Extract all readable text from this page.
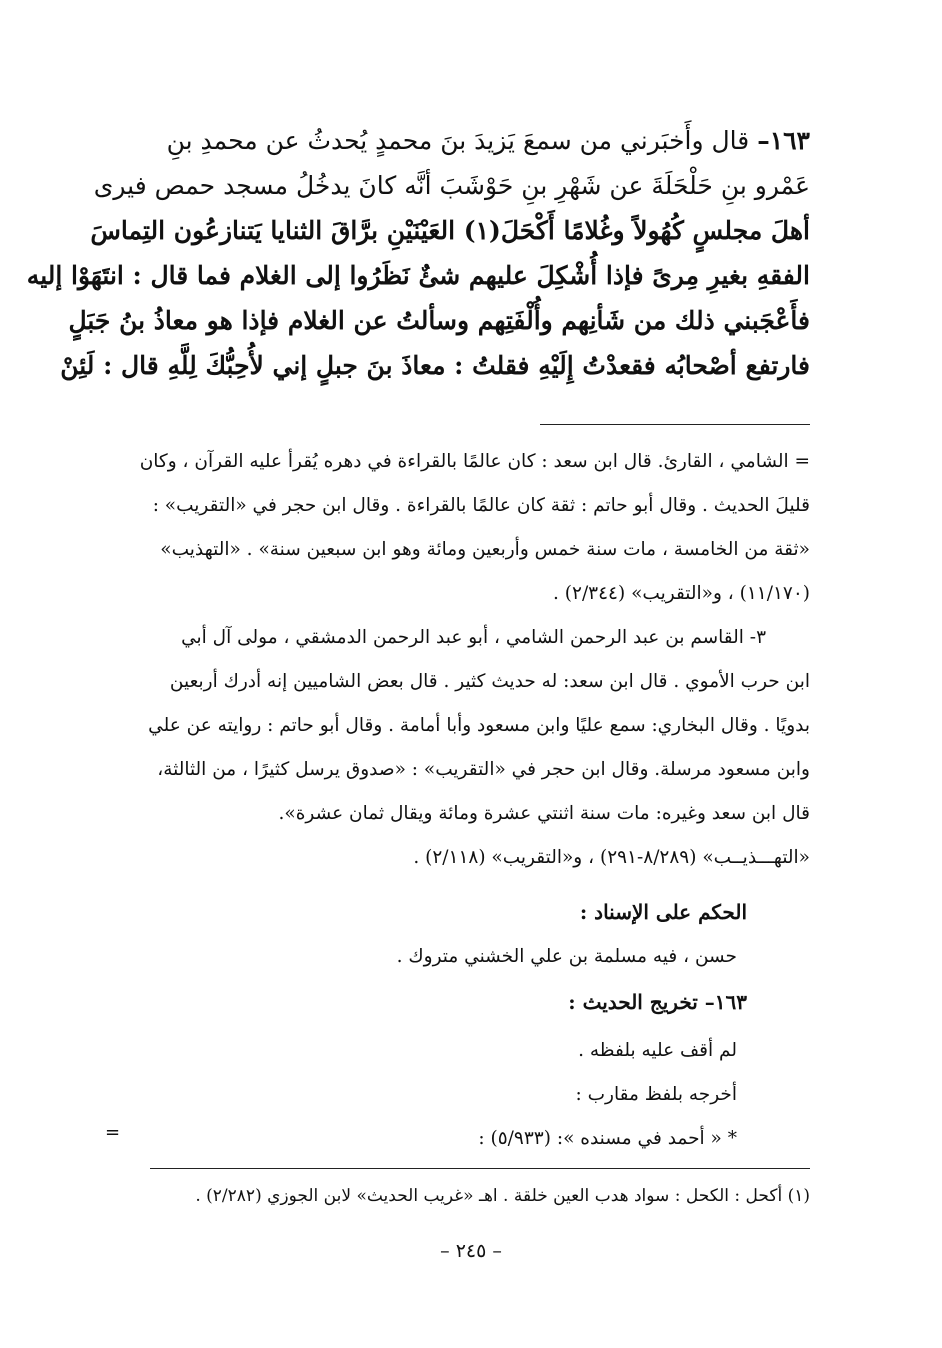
١٦٣– قال وأَخبَرني من سمعَ يَزيدَ بنَ محمدٍ يُحدثُ عن محمدِ بنِ
عَمْرو بنِ حَلْحَلَةَ عن شَهْرِ بنِ حَوْشَبَ أنَّه كانَ يدخُلُ مسجد حمص فيرى
أهلَ مجلسٍ كُهُولاً وغُلامًا أَكْحَلَ(١) العَيْنَيْنِ برَّاقَ الثنايا يَتنازعُون التِماسَ
الفقهِ بغيرِ مِرىً فإذا أُشْكِلَ عليهم شئٌ نَظَرُوا إلى الغلام فما قال : انتَهَوْا إليه
فأَعْجَبني ذلك من شَأنِهم وأُلْفَتِهم وسألتُ عن الغلام فإذا هو معاذُ بنُ جَبَلٍ
فارتفع أصْحابُه فقعدْتُ إِلَيْهِ فقلتُ : معاذَ بنَ جبلٍ إني لأُحِبُّكَ لِلَّهِ قال : لَئِنْ
= الشامي ، القارئ. قال ابن سعد : كان عالمًا بالقراءة في دهره يُقرأ عليه القرآن ، وكان
قليلَ الحديث . وقال أبو حاتم : ثقة كان عالمًا بالقراءة . وقال ابن حجر في «التقريب» :
«ثقة من الخامسة ، مات سنة خمس وأربعين ومائة وهو ابن سبعين سنة» . «التهذيب»
(١١/١٧٠) ، و«التقريب» (٢/٣٤٤) .
٣- القاسم بن عبد الرحمن الشامي ، أبو عبد الرحمن الدمشقي ، مولى آل أبي
ابن حرب الأموي . قال ابن سعد: له حديث كثير . قال بعض الشاميين إنه أدرك أربعين
بدويًا . وقال البخاري: سمع عليًا وابن مسعود وأبا أمامة . وقال أبو حاتم : روايته عن علي
وابن مسعود مرسلة. وقال ابن حجر في «التقريب» : «صدوق يرسل كثيرًا ، من الثالثة،
قال ابن سعد وغيره: مات سنة اثنتي عشرة ومائة ويقال ثمان عشرة».
«التهـــذيــب» (٨/٢٨٩-٢٩١) ، و«التقريب» (٢/١١٨) .
الحكم على الإسناد :
حسن ، فيه مسلمة بن علي الخشني متروك .
١٦٣– تخريج الحديث :
لم أقف عليه بلفظه .
أخرجه بلفظ مقارب :
* « أحمد في مسنده »: (٥/٩٣٣) :
=
(١) أكحل : الكحل : سواد هدب العين خلقة . اهـ «غريب الحديث» لابن الجوزي (٢/٢٨٢) .
– ٢٤٥ –
